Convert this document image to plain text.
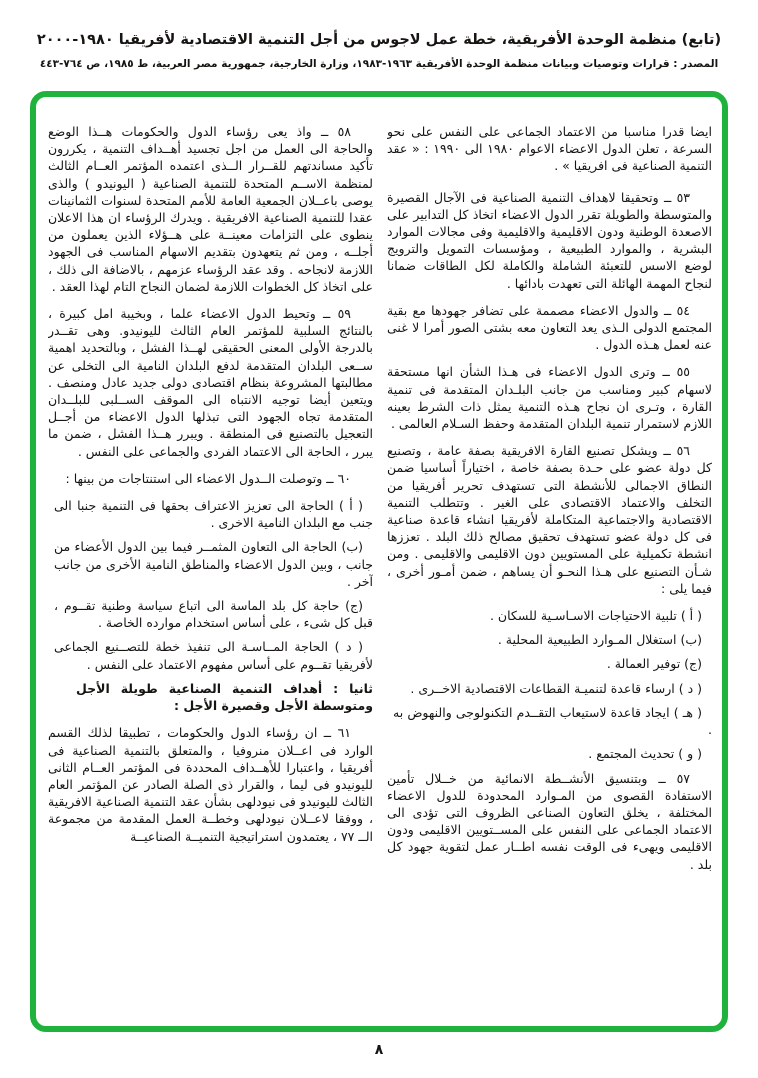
(تابع) منظمة الوحدة الأفريقية، خطة عمل لاجوس من أجل التنمية الاقتصادية لأفريقيا ١٩٨٠-٢٠٠٠
المصدر : قرارات وتوصيات وبيانات منظمة الوحدة الأفريقية ١٩٦٣-١٩٨٣، وزارة الخارجية، جمهورية مصر العربية، ط ١٩٨٥، ص ٧٦٤-٤٤٣

ايضا قدرا مناسبا من الاعتماد الجماعى على النفس على نحو السرعة ، تعلن الدول الاعضاء الاعوام ١٩٨٠ الى ١٩٩٠ : « عقد التنمية الصناعية فى افريقيا » .

٥٣ ــ وتحقيقا لاهداف التنمية الصناعية فى الآجال القصيرة والمتوسطة والطويلة تقرر الدول الاعضاء اتخاذ كل التدابير على الاصعدة الوطنية ودون الاقليمية والاقليمية وفى مجالات الموارد البشرية ، والموارد الطبيعية ، ومؤسسات التمويل والترويج لوضع الاسس للتعبئة الشاملة والكاملة لكل الطاقات ضمانا لنجاح المهمة الهائلة التى تعهدت بادائها .

٥٤ ــ والدول الاعضاء مصممة على تضافر جهودها مع بقية المجتمع الدولى الـذى يعد التعاون معه بشتى الصور أمرا لا غنى عنه لعمل هـذه الدول .

٥٥ ــ وترى الدول الاعضاء فى هـذا الشأن انها مستحقة لاسهام كبير ومناسب من جانب البلـدان المتقدمة فى تنمية القارة ، وتـرى ان نجاح هـذه التنمية يمثل ذات الشرط بعينه اللازم لاستمرار تنمية البلدان المتقدمة وحفظ السـلام العالمى .

٥٦ ــ ويشكل تصنيع القارة الافريقية بصفة عامة ، وتصنيع كل دولة عضو على حـدة بصفة خاصة ، اختياراً أساسيا ضمن النطاق الاجمالى للأنشطة التى تستهدف تحرير أفريقيا من التخلف والاعتماد الاقتصادى على الغير . وتتطلب التنمية الاقتصادية والاجتماعية المتكاملة لأفريقيا انشاء قاعدة صناعية فى كل دولة عضو تستهدف تحقيق مصالح ذلك البلد . تعززها انشطة تكميلية على المستويين دون الاقليمى والاقليمى . ومن شـأن التصنيع على هـذا النحـو أن يساهم ، ضمن أمـور أخرى ، فيما يلى :

( أ ) تلبية الاحتياجات الاسـاسـية للسكان .

(ب) استغلال المـوارد الطبيعية المحلية .

(ج) توفير العمالة .

( د ) ارساء قاعدة لتنميـة القطاعات الاقتصادية الاخــرى .

( هـ ) ايجاد قاعدة لاستيعاب التقــدم التكنولوجى والنهوض به .

( و ) تحديث المجتمع .

٥٧ ــ وبتنسيق الأنشــطة الانمائية من خــلال تأمين الاستفادة القصوى من المـوارد المحدودة للدول الاعضاء المختلفة ، يخلق التعاون الصناعى الظروف التى تؤدى الى الاعتماد الجماعى على النفس على المســتويين الاقليمى ودون الاقليمى ويهىء فى الوقت نفسه اطــار عمل لتقوية جهود كل بلد .

٥٨ ــ واذ يعى رؤساء الدول والحكومات هــذا الوضع والحاجة الى العمل من اجل تجسيد أهــداف التنمية ، يكررون تأكيد مساندتهم للقــرار الــذى اعتمده المؤتمر العــام الثالث لمنظمة الاســم المتحدة للتنمية الصناعية ( اليونيدو ) والذى يوصى باعــلان الجمعية العامة للأمم المتحدة لسنوات الثمانينات عقدا للتنمية الصناعية الافريقية . ويدرك الرؤساء ان هذا الاعلان ينطوى على التزامات معينــة على هــؤلاء الذين يعملون من أجلــه ، ومن ثم يتعهدون بتقديم الاسهام المناسب فى الجهود اللازمة لانجاحه . وقد عقد الرؤساء عزمهم ، بالاضافة الى ذلك ، على اتخاذ كل الخطوات اللازمة لضمان النجاح التام لهذا العقد .

٥٩ ــ وتحيط الدول الاعضاء علما ، وبخيبة امل كبيرة ، بالنتائج السلبية للمؤتمر العام الثالث لليونيدو. وهى تقــدر بالدرجة الأولى المعنى الحقيقى لهــذا الفشل ، وبالتحديد اهمية ســعى البلدان المتقدمة لدفع البلدان النامية الى التخلى عن مطالبتها المشروعة بنظام اقتصادى دولى جديد عادل ومنصف . ويتعين أيضا توجيه الانتباه الى الموقف الســلبى للبلــدان المتقدمة تجاه الجهود التى تبذلها الدول الاعضاء من أجــل التعجيل بالتصنيع فى المنطقة . ويبرر هــذا الفشل ، ضمن ما يبرر ، الحاجة الى الاعتماد الفردى والجماعى على النفس .

٦٠ ــ وتوصلت الــدول الاعضاء الى استنتاجات من بينها :

( أ ) الحاجة الى تعزيز الاعتراف بحقها فى التنمية جنبا الى جنب مع البلدان النامية الاخرى .

(ب) الحاجة الى التعاون المثمــر فيما بين الدول الأعضاء من جانب ، وبين الدول الاعضاء والمناطق النامية الأخرى من جانب آخر .

(ج) حاجة كل بلد الماسة الى اتباع سياسة وطنية تقــوم ، قبل كل شىء ، على أساس استخدام موارده الخاصة .

( د ) الحاجة المــاسـة الى تنفيذ خطة للتصــنيع الجماعى لأفريقيا تقــوم على أساس مفهوم الاعتماد على النفس .

ثانيا : أهداف التنمية الصناعية طويلة الأجل ومتوسطة الأجل وقصيرة الأجل :

٦١ ــ ان رؤساء الدول والحكومات ، تطبيقا لذلك القسم الوارد فى اعــلان منروفيا ، والمتعلق بالتنمية الصناعية فى أفريقيا ، واعتبارا للأهــداف المحددة فى المؤتمر العــام الثانى لليونيدو فى ليما ، والقرار ذى الصلة الصادر عن المؤتمر العام الثالث لليونيدو فى نيودلهى بشأن عقد التنمية الصناعية الافريقية ، ووفقا لاعــلان نيودلهى وخطــة العمل المقدمة من مجموعة الــ ٧٧ ، يعتمدون استراتيجية التنميــة الصناعيــة

٨
